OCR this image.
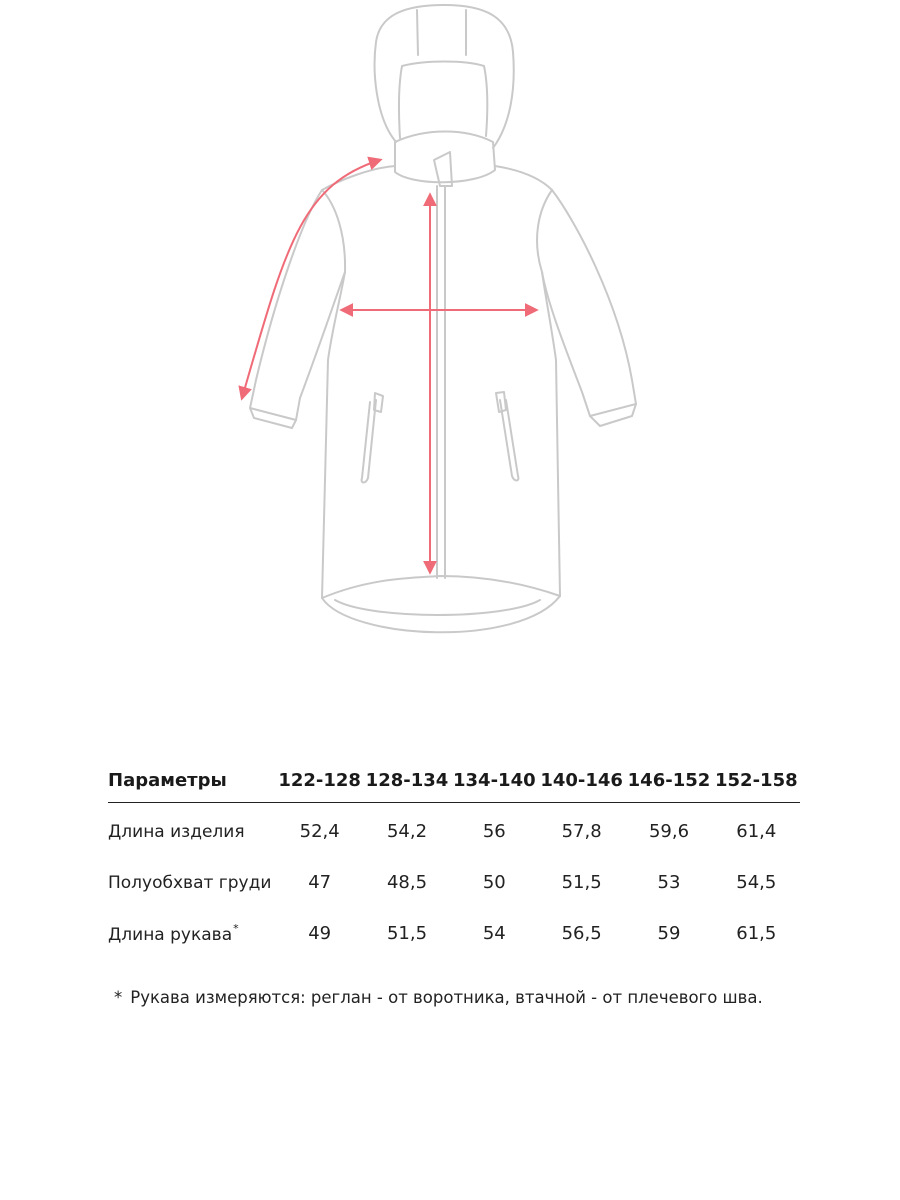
Параметры	122-128	128-134	134-140	140-146	146-152	152-158
Длина изделия	52,4	54,2	56	57,8	59,6	61,4
Полуобхват груди	47	48,5	50	51,5	53	54,5
Длина рукава*	49	51,5	54	56,5	59	61,5
* Рукава измеряются: реглан - от воротника, втачной - от плечевого шва.
